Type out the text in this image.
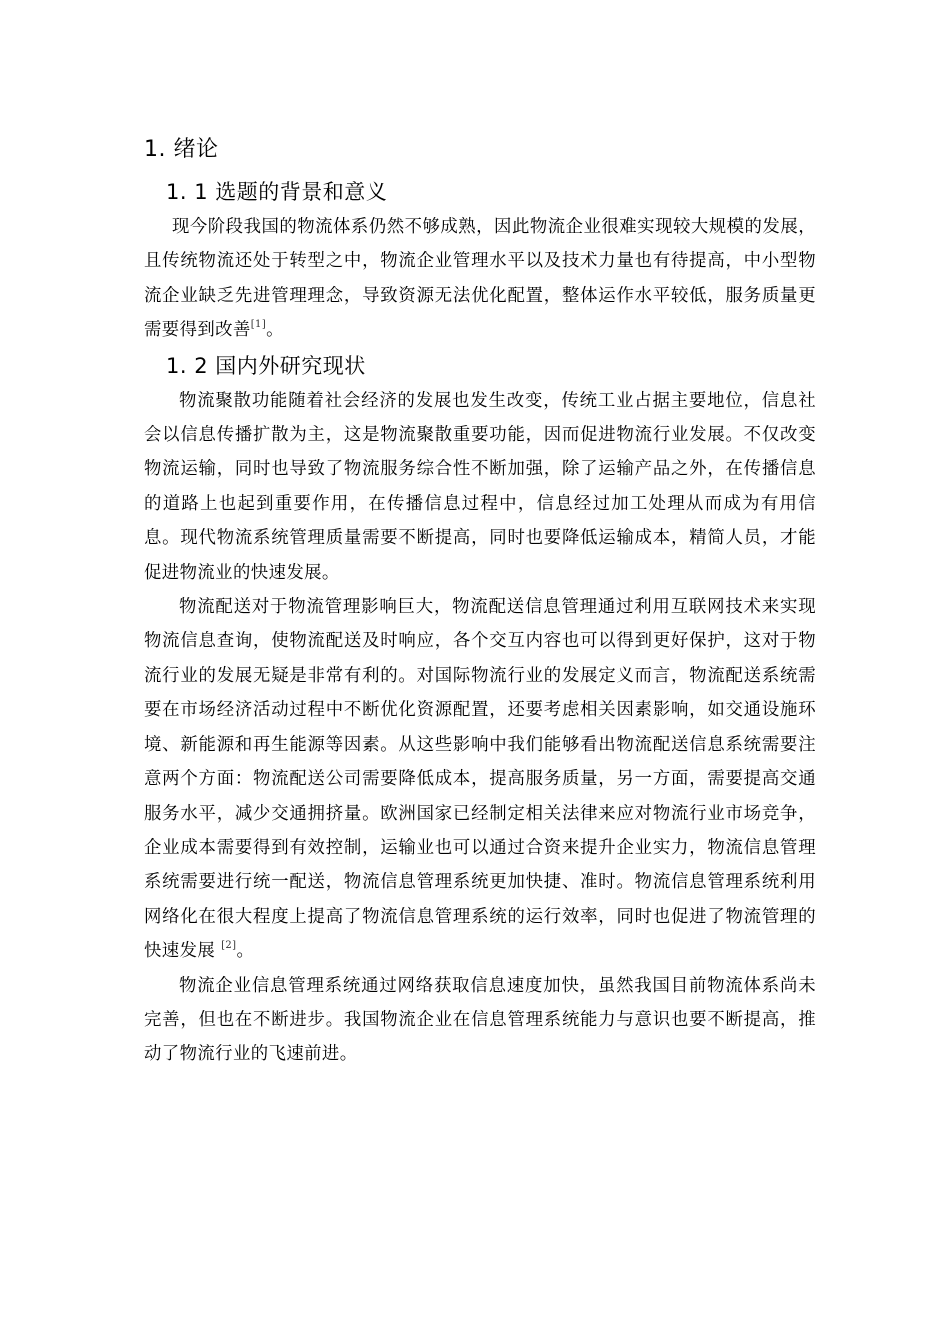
1. 绪论
1. 1 选题的背景和意义

现今阶段我国的物流体系仍然不够成熟，因此物流企业很难实现较大规模的发展，且传统物流还处于转型之中，物流企业管理水平以及技术力量也有待提高，中小型物流企业缺乏先进管理理念，导致资源无法优化配置，整体运作水平较低，服务质量更需要得到改善[1]。

1. 2 国内外研究现状

物流聚散功能随着社会经济的发展也发生改变，传统工业占据主要地位，信息社会以信息传播扩散为主，这是物流聚散重要功能，因而促进物流行业发展。不仅改变物流运输，同时也导致了物流服务综合性不断加强，除了运输产品之外，在传播信息的道路上也起到重要作用，在传播信息过程中，信息经过加工处理从而成为有用信息。现代物流系统管理质量需要不断提高，同时也要降低运输成本，精简人员，才能促进物流业的快速发展。

物流配送对于物流管理影响巨大，物流配送信息管理通过利用互联网技术来实现物流信息查询，使物流配送及时响应，各个交互内容也可以得到更好保护，这对于物流行业的发展无疑是非常有利的。对国际物流行业的发展定义而言，物流配送系统需要在市场经济活动过程中不断优化资源配置，还要考虑相关因素影响，如交通设施环境、新能源和再生能源等因素。从这些影响中我们能够看出物流配送信息系统需要注意两个方面：物流配送公司需要降低成本，提高服务质量，另一方面，需要提高交通服务水平，减少交通拥挤量。欧洲国家已经制定相关法律来应对物流行业市场竞争，企业成本需要得到有效控制，运输业也可以通过合资来提升企业实力，物流信息管理系统需要进行统一配送，物流信息管理系统更加快捷、准时。物流信息管理系统利用网络化在很大程度上提高了物流信息管理系统的运行效率，同时也促进了物流管理的快速发展 [2]。

物流企业信息管理系统通过网络获取信息速度加快，虽然我国目前物流体系尚未完善，但也在不断进步。我国物流企业在信息管理系统能力与意识也要不断提高，推动了物流行业的飞速前进。
